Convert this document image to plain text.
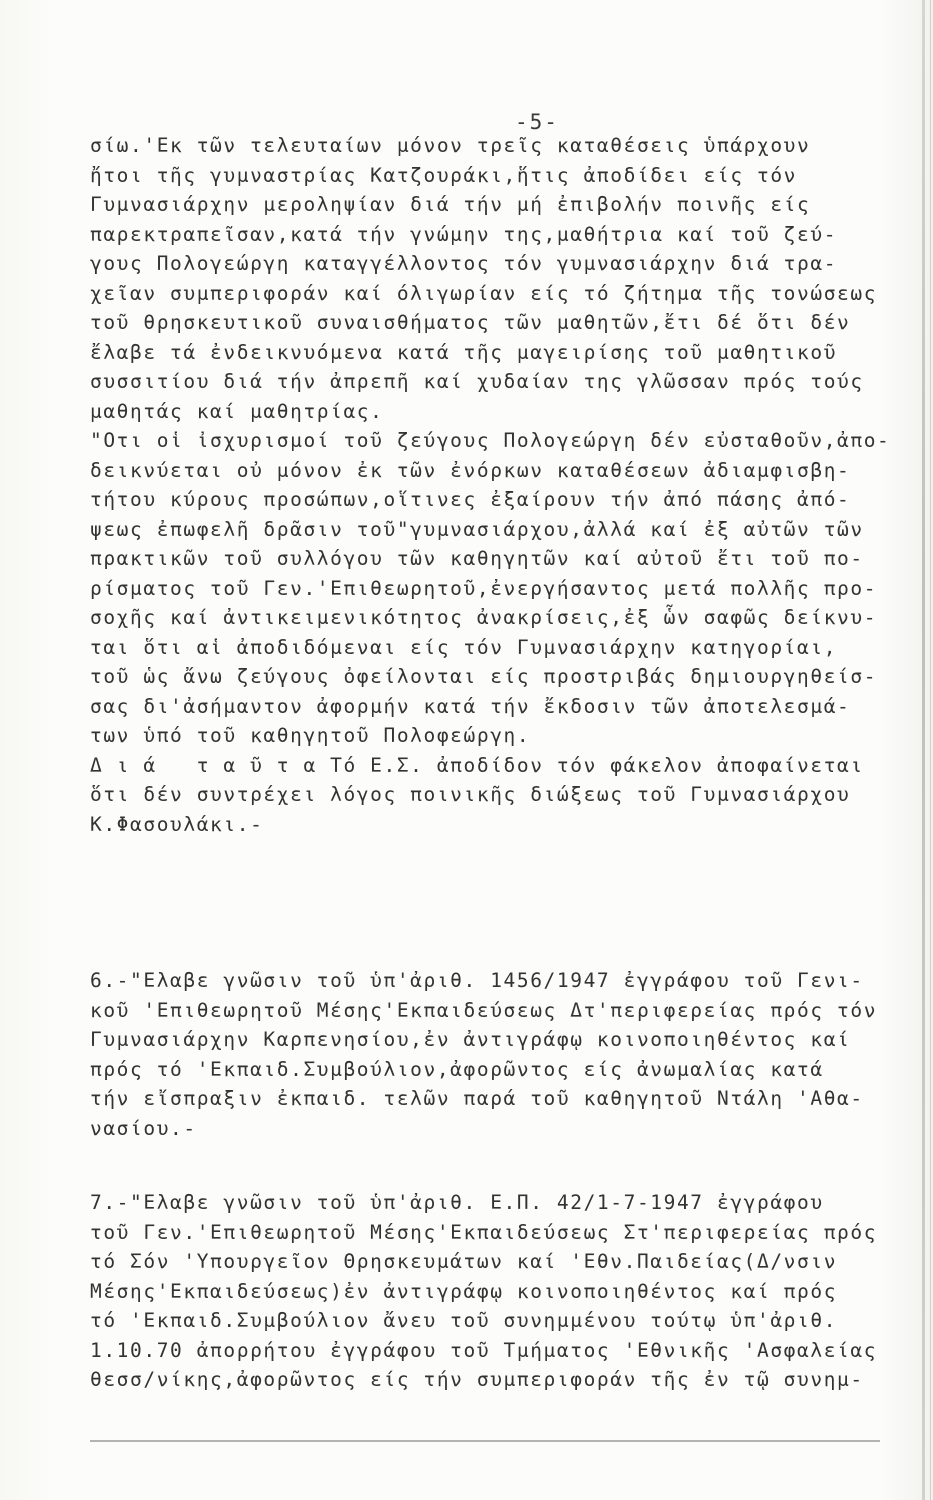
-5-
σίω.'Εκ τῶν τελευταίων μόνον τρεῖς καταθέσεις ὑπάρχουν
ἤτοι τῆς γυμναστρίας Κατζουράκι,ἥτις ἀποδίδει είς τόν
Γυμνασιάρχην μεροληψίαν διά τήν μή ἐπιβολήν ποινῆς είς
παρεκτραπεῖσαν,κατά τήν γνώμην της,μαθήτρια καί τοῦ ζεύ-
γους Πολογεώργη καταγγέλλοντος τόν γυμνασιάρχην διά τρα-
χεῖαν συμπεριφοράν καί όλιγωρίαν είς τό ζήτημα τῆς τονώσεως
τοῦ θρησκευτικοῦ συναισθήματος τῶν μαθητῶν,ἔτι δέ ὅτι δέν
ἔλαβε τά ἐνδεικνυόμενα κατά τῆς μαγειρίσης τοῦ μαθητικοῦ
συσσιτίου διά τήν ἀπρεπῆ καί χυδαίαν της γλῶσσαν πρός τούς
μαθητάς καί μαθητρίας.
"Οτι οἱ ἰσχυρισμοί τοῦ ζεύγους Πολογεώργη δέν εὐσταθοῦν,ἀπο-
δεικνύεται οὐ μόνον ἐκ τῶν ἐνόρκων καταθέσεων ἀδιαμφισβη-
τήτου κύρους προσώπων,οἵτινες ἐξαίρουν τήν ἀπό πάσης ἀπό-
ψεως ἐπωφελῆ δρᾶσιν τοῦ"γυμνασιάρχου,ἀλλά καί ἐξ αὐτῶν τῶν
πρακτικῶν τοῦ συλλόγου τῶν καθηγητῶν καί αὐτοῦ ἔτι τοῦ πο-
ρίσματος τοῦ Γεν.'Επιθεωρητοῦ,ἐνεργήσαντος μετά πολλῆς προ-
σοχῆς καί ἀντικειμενικότητος ἀνακρίσεις,ἐξ ὧν σαφῶς δείκνυ-
ται ὅτι αἱ ἀποδιδόμεναι είς τόν Γυμνασιάρχην κατηγορίαι,
τοῦ ὡς ἄνω ζεύγους ὀφείλονται είς προστριβάς δημιουργηθείσ-
σας δι'ἀσήμαντον ἀφορμήν κατά τήν ἔκδοσιν τῶν ἀποτελεσμά-
των ὑπό τοῦ καθηγητοῦ Πολοφεώργη.
Δ ι ά   τ α ῦ τ α Τό Ε.Σ. ἀποδίδον τόν φάκελον ἀποφαίνεται
ὅτι δέν συντρέχει λόγος ποινικῆς διώξεως τοῦ Γυμνασιάρχου
Κ.Φασουλάκι.-
6.-"Ελαβε γνῶσιν τοῦ ὑπ'ἀριθ. 1456/1947 ἐγγράφου τοῦ Γενι-
κοῦ 'Επιθεωρητοῦ Μέσης'Εκπαιδεύσεως Δτ'περιφερείας πρός τόν
Γυμνασιάρχην Καρπενησίου,ἐν ἀντιγράφῳ κοινοποιηθέντος καί
πρός τό 'Εκπαιδ.Συμβούλιον,ἀφορῶντος είς ἀνωμαλίας κατά
τήν εἴσπραξιν ἐκπαιδ. τελῶν παρά τοῦ καθηγητοῦ Ντάλη 'Αθα-
νασίου.-
7.-"Ελαβε γνῶσιν τοῦ ὑπ'ἀριθ. Ε.Π. 42/1-7-1947 ἐγγράφου
τοῦ Γεν.'Επιθεωρητοῦ Μέσης'Εκπαιδεύσεως Στ'περιφερείας πρός
τό Σόν 'Υπουργεῖον Θρησκευμάτων καί 'Εθν.Παιδείας(Δ/νσιν
Μέσης'Εκπαιδεύσεως)ἐν ἀντιγράφῳ κοινοποιηθέντος καί πρός
τό 'Εκπαιδ.Συμβούλιον ἄνευ τοῦ συνημμένου τούτῳ ὑπ'ἀριθ.
1.10.70 ἀπορρήτου ἐγγράφου τοῦ Τμήματος 'Εθνικῆς 'Ασφαλείας
θεσσ/νίκης,ἀφορῶντος είς τήν συμπεριφοράν τῆς ἐν τῷ συνημ-
